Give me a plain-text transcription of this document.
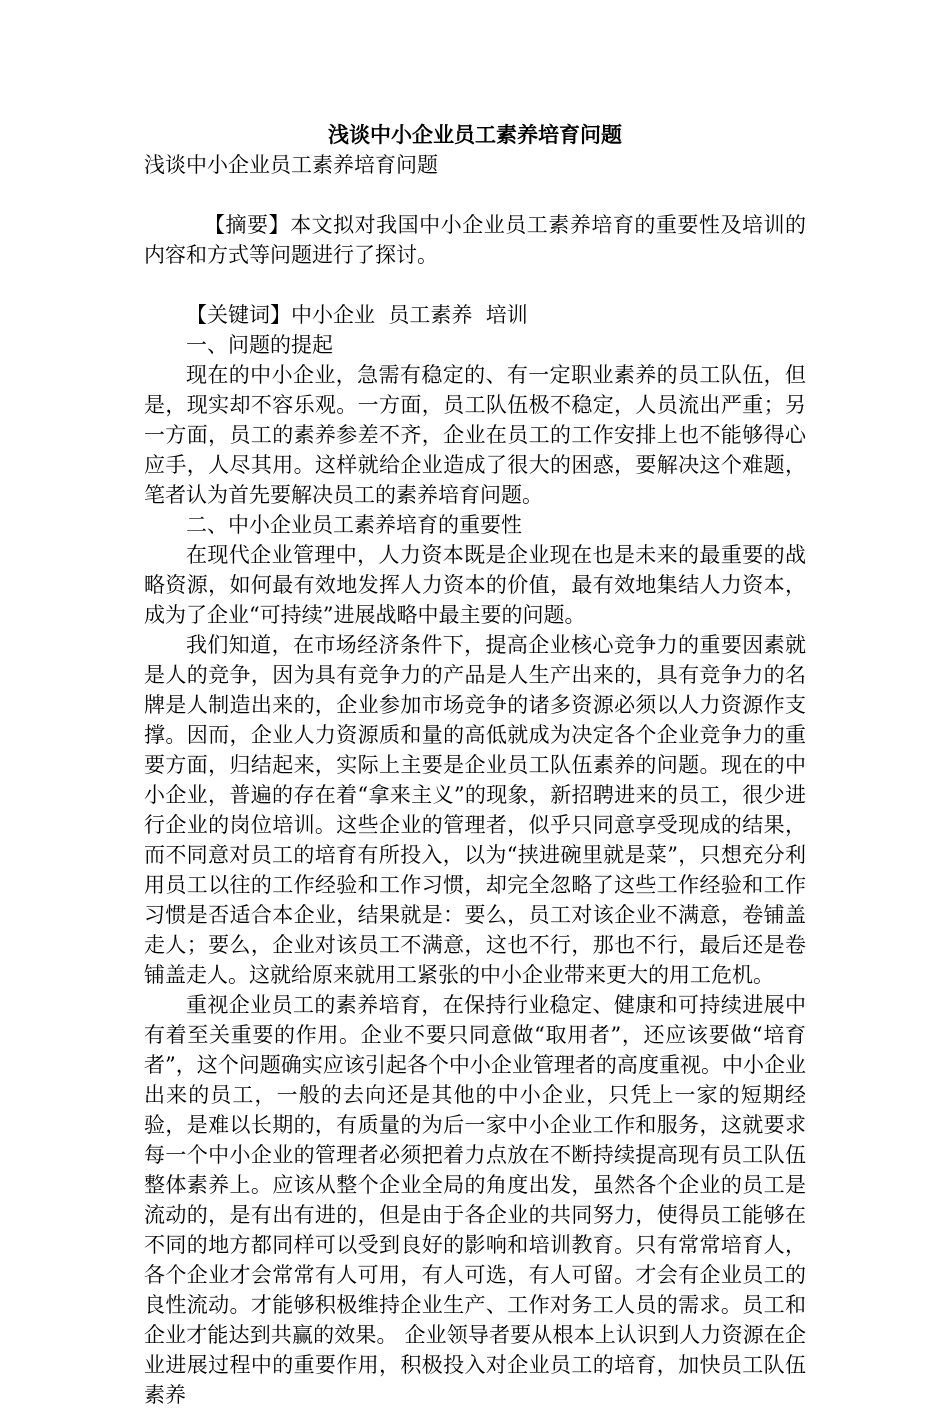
浅谈中小企业员工素养培育问题
浅谈中小企业员工素养培育问题
【摘要】本文拟对我国中小企业员工素养培育的重要性及培训的内容和方式等问题进行了探讨。
【关键词】中小企业  员工素养  培训
一、问题的提起
现在的中小企业，急需有稳定的、有一定职业素养的员工队伍，但是，现实却不容乐观。一方面，员工队伍极不稳定，人员流出严重；另一方面，员工的素养参差不齐，企业在员工的工作安排上也不能够得心应手，人尽其用。这样就给企业造成了很大的困惑，要解决这个难题，笔者认为首先要解决员工的素养培育问题。
二、中小企业员工素养培育的重要性
在现代企业管理中，人力资本既是企业现在也是未来的最重要的战略资源，如何最有效地发挥人力资本的价值，最有效地集结人力资本，成为了企业“可持续”进展战略中最主要的问题。
我们知道，在市场经济条件下，提高企业核心竞争力的重要因素就是人的竞争，因为具有竞争力的产品是人生产出来的，具有竞争力的名牌是人制造出来的，企业参加市场竞争的诸多资源必须以人力资源作支撑。因而，企业人力资源质和量的高低就成为决定各个企业竞争力的重要方面，归结起来，实际上主要是企业员工队伍素养的问题。现在的中小企业，普遍的存在着“拿来主义”的现象，新招聘进来的员工，很少进行企业的岗位培训。这些企业的管理者，似乎只同意享受现成的结果，而不同意对员工的培育有所投入，以为“挟进碗里就是菜”，只想充分利用员工以往的工作经验和工作习惯，却完全忽略了这些工作经验和工作习惯是否适合本企业，结果就是：要么，员工对该企业不满意，卷铺盖走人；要么，企业对该员工不满意，这也不行，那也不行，最后还是卷铺盖走人。这就给原来就用工紧张的中小企业带来更大的用工危机。
重视企业员工的素养培育，在保持行业稳定、健康和可持续进展中有着至关重要的作用。企业不要只同意做“取用者”，还应该要做“培育者”，这个问题确实应该引起各个中小企业管理者的高度重视。中小企业出来的员工，一般的去向还是其他的中小企业，只凭上一家的短期经验，是难以长期的，有质量的为后一家中小企业工作和服务，这就要求每一个中小企业的管理者必须把着力点放在不断持续提高现有员工队伍整体素养上。应该从整个企业全局的角度出发，虽然各个企业的员工是流动的，是有出有进的，但是由于各企业的共同努力，使得员工能够在不同的地方都同样可以受到良好的影响和培训教育。只有常常培育人，各个企业才会常常有人可用，有人可选，有人可留。才会有企业员工的良性流动。才能够积极维持企业生产、工作对务工人员的需求。员工和企业才能达到共赢的效果。 企业领导者要从根本上认识到人力资源在企业进展过程中的重要作用，积极投入对企业员工的培育，加快员工队伍素养
